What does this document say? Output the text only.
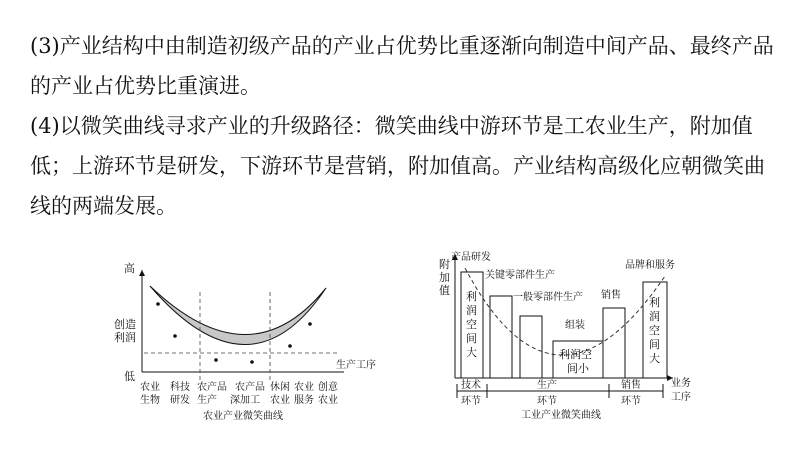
(3)产业结构中由制造初级产品的产业占优势比重逐渐向制造中间产品、最终产品的产业占优势比重演进。

(4)以微笑曲线寻求产业的升级路径：微笑曲线中游环节是工农业生产，附加值低；上游环节是研发，下游环节是营销，附加值高。产业结构高级化应朝微笑曲线的两端发展。

高
创造
利润
低
生产工序
农业
生物
科技
研发
农产品
生产
农产品
深加工
休闲
农业
农业
服务
创意
农业
农业产业微笑曲线
附
加
值
产品研发
关键零部件生产
一般零部件生产
组装
销售
品牌和服务
利
润
空
间
大	利润空
间小
利
润
空
间
大
技术
环节
生产
环节
销售
环节
业务
工序
工业产业微笑曲线
